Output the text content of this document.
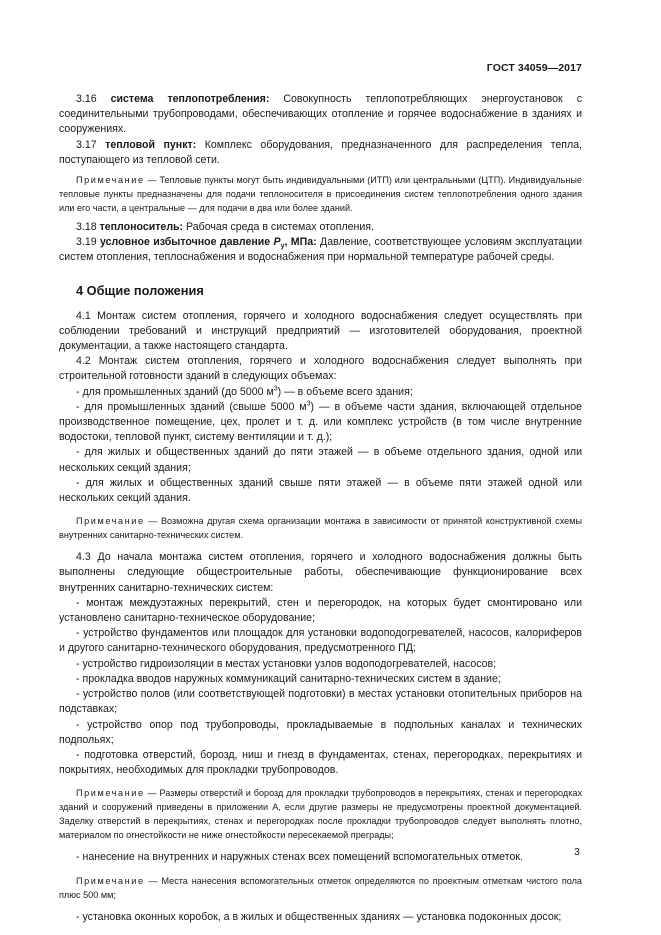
ГОСТ 34059—2017

3.16 система теплопотребления: Совокупность теплопотребляющих энергоустановок с соединительными трубопроводами, обеспечивающих отопление и горячее водоснабжение в зданиях и сооружениях.

3.17 тепловой пункт: Комплекс оборудования, предназначенного для распределения тепла, поступающего из тепловой сети.

Примечание — Тепловые пункты могут быть индивидуальными (ИТП) или центральными (ЦТП). Индивидуальные тепловые пункты предназначены для подачи теплоносителя в присоединения систем теплопотребления одного здания или его части, а центральные — для подачи в два или более зданий.

3.18 теплоноситель: Рабочая среда в системах отопления.

3.19 условное избыточное давление $P_y$, МПа: Давление, соответствующее условиям эксплуатации систем отопления, теплоснабжения и водоснабжения при нормальной температуре рабочей среды.

4 Общие положения

4.1 Монтаж систем отопления, горячего и холодного водоснабжения следует осуществлять при соблюдении требований и инструкций предприятий — изготовителей оборудования, проектной документации, а также настоящего стандарта.

4.2 Монтаж систем отопления, горячего и холодного водоснабжения следует выполнять при строительной готовности зданий в следующих объемах:

- для промышленных зданий (до 5000 $м^3$) — в объеме всего здания;

- для промышленных зданий (свыше 5000 $м^3$) — в объеме части здания, включающей отдельное производственное помещение, цех, пролет и т. д. или комплекс устройств (в том числе внутренние водостоки, тепловой пункт, систему вентиляции и т. д.);

- для жилых и общественных зданий до пяти этажей — в объеме отдельного здания, одной или нескольких секций здания;

- для жилых и общественных зданий свыше пяти этажей — в объеме пяти этажей одной или нескольких секций здания.

Примечание — Возможна другая схема организации монтажа в зависимости от принятой конструктивной схемы внутренних санитарно-технических систем.

4.3 До начала монтажа систем отопления, горячего и холодного водоснабжения должны быть выполнены следующие общестроительные работы, обеспечивающие функционирование всех внутренних санитарно-технических систем:

- монтаж междуэтажных перекрытий, стен и перегородок, на которых будет смонтировано или установлено санитарно-техническое оборудование;

- устройство фундаментов или площадок для установки водоподогревателей, насосов, калориферов и другого санитарно-технического оборудования, предусмотренного ПД;

- устройство гидроизоляции в местах установки узлов водоподогревателей, насосов;

- прокладка вводов наружных коммуникаций санитарно-технических систем в здание;

- устройство полов (или соответствующей подготовки) в местах установки отопительных приборов на подставках;

- устройство опор под трубопроводы, прокладываемые в подпольных каналах и технических подпольях;

- подготовка отверстий, борозд, ниш и гнезд в фундаментах, стенах, перегородках, перекрытиях и покрытиях, необходимых для прокладки трубопроводов.

Примечание — Размеры отверстий и борозд для прокладки трубопроводов в перекрытиях, стенах и перегородках зданий и сооружений приведены в приложении А, если другие размеры не предусмотрены проектной документацией. Заделку отверстий в перекрытиях, стенах и перегородках после прокладки трубопроводов следует выполнять плотно, материалом по огнестойкости не ниже огнестойкости пересекаемой преграды;

- нанесение на внутренних и наружных стенах всех помещений вспомогательных отметок.

Примечание — Места нанесения вспомогательных отметок определяются по проектным отметкам чистого пола плюс 500 мм;

- установка оконных коробок, а в жилых и общественных зданиях — установка подоконных досок;

3
